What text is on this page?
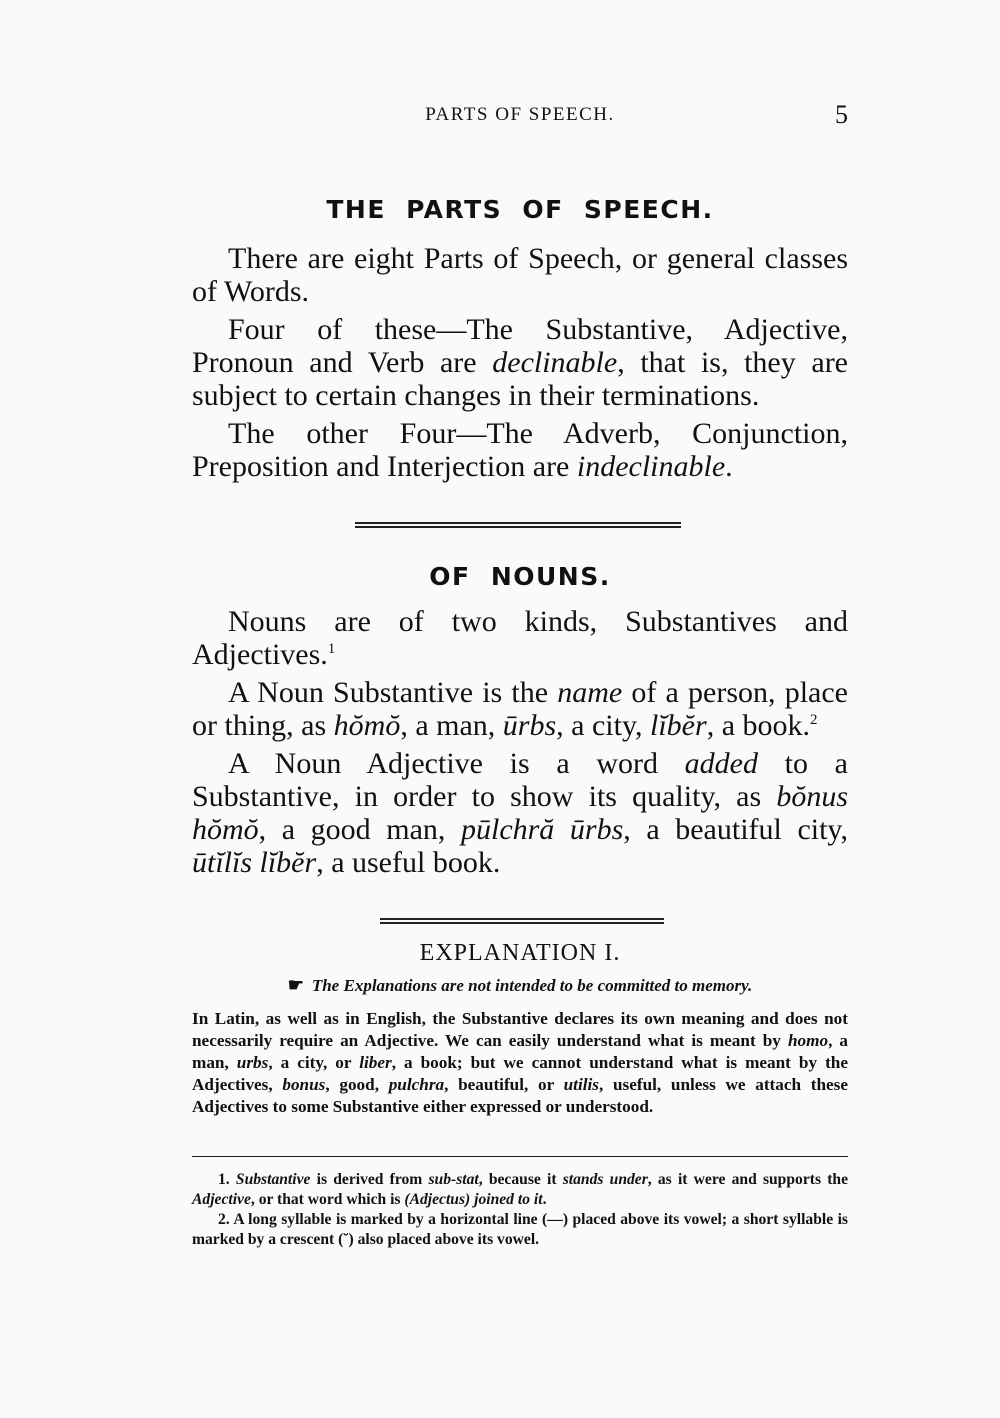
PARTS OF SPEECH.	5
THE PARTS OF SPEECH.

There are eight Parts of Speech, or general classes of Words.

Four of these—The Substantive, Adjective, Pronoun and Verb are declinable, that is, they are subject to certain changes in their terminations.

The other Four—The Adverb, Conjunction, Preposition and Interjection are indeclinable.

OF NOUNS.

Nouns are of two kinds, Substantives and Adjectives.$^1$

A Noun Substantive is the name of a person, place or thing, as hŏmŏ, a man, ūrbs, a city, lĭbĕr, a book.$^2$

A Noun Adjective is a word added to a Substantive, in order to show its quality, as bŏnus hŏmŏ, a good man, pūlchră ūrbs, a beautiful city, ūtĭlĭs lĭbĕr, a useful book.

EXPLANATION I.
☛ The Explanations are not intended to be committed to memory.

In Latin, as well as in English, the Substantive declares its own meaning and does not necessarily require an Adjective. We can easily understand what is meant by homo, a man, urbs, a city, or liber, a book; but we cannot understand what is meant by the Adjectives, bonus, good, pulchra, beautiful, or utilis, useful, unless we attach these Adjectives to some Substantive either expressed or understood.

1. Substantive is derived from sub-stat, because it stands under, as it were and supports the Adjective, or that word which is (Adjectus) joined to it.

2. A long syllable is marked by a horizontal line (—) placed above its vowel; a short syllable is marked by a crescent (˘) also placed above its vowel.
